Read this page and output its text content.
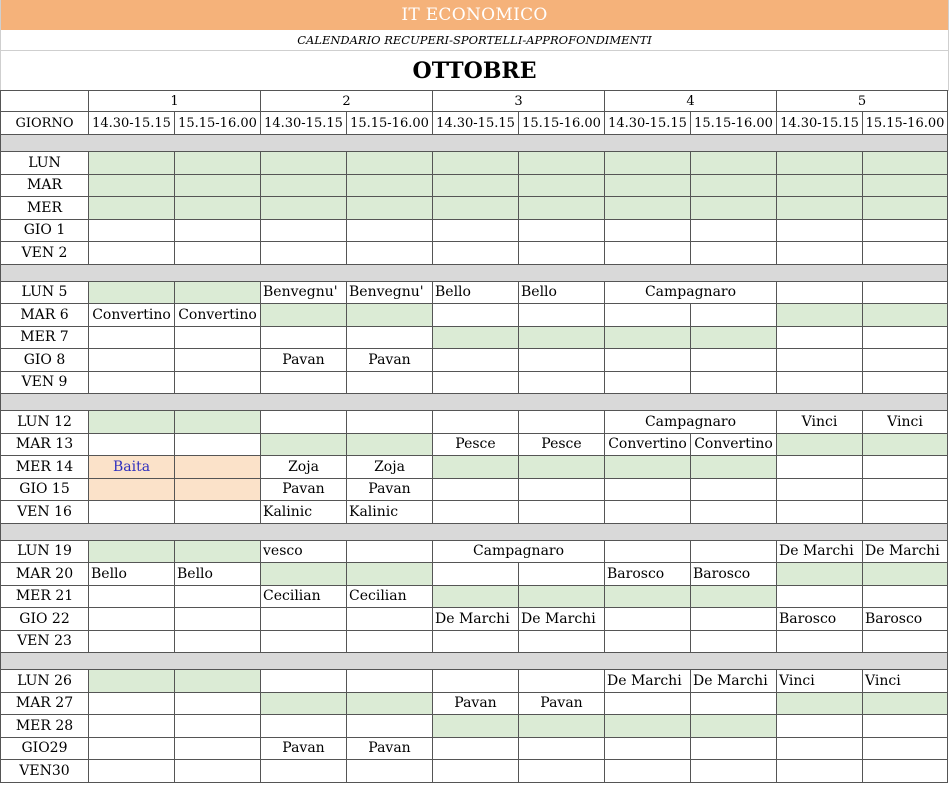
IT ECONOMICO
CALENDARIO RECUPERI-SPORTELLI-APPROFONDIMENTI
OTTOBRE
	1		2		3		4		5	
GIORNO	14.30-15.15	15.15-16.00	14.30-15.15	15.15-16.00	14.30-15.15	15.15-16.00	14.30-15.15	15.15-16.00	14.30-15.15	15.15-16.00

LUN										
MAR										
MER										
GIO 1										
VEN 2										

LUN 5			Benvegnu'	Benvegnu'	Bello	Bello	Campagnaro			
MAR 6	Convertino	Convertino								
MER 7										
GIO 8			Pavan	Pavan						
VEN 9										

LUN 12							Campagnaro		Vinci	Vinci
MAR 13					Pesce	Pesce	Convertino	Convertino		
MER 14	Baita		Zoja	Zoja						
GIO 15			Pavan	Pavan						
VEN 16			Kalinic	Kalinic						

LUN 19			vesco		Campagnaro				De Marchi	De Marchi
MAR 20	Bello	Bello					Barosco	Barosco		
MER 21			Cecilian	Cecilian						
GIO 22					De Marchi	De Marchi			Barosco	Barosco
VEN 23										

LUN 26							De Marchi	De Marchi	Vinci	Vinci
MAR 27					Pavan	Pavan				
MER 28										
GIO29			Pavan	Pavan						
VEN30										
